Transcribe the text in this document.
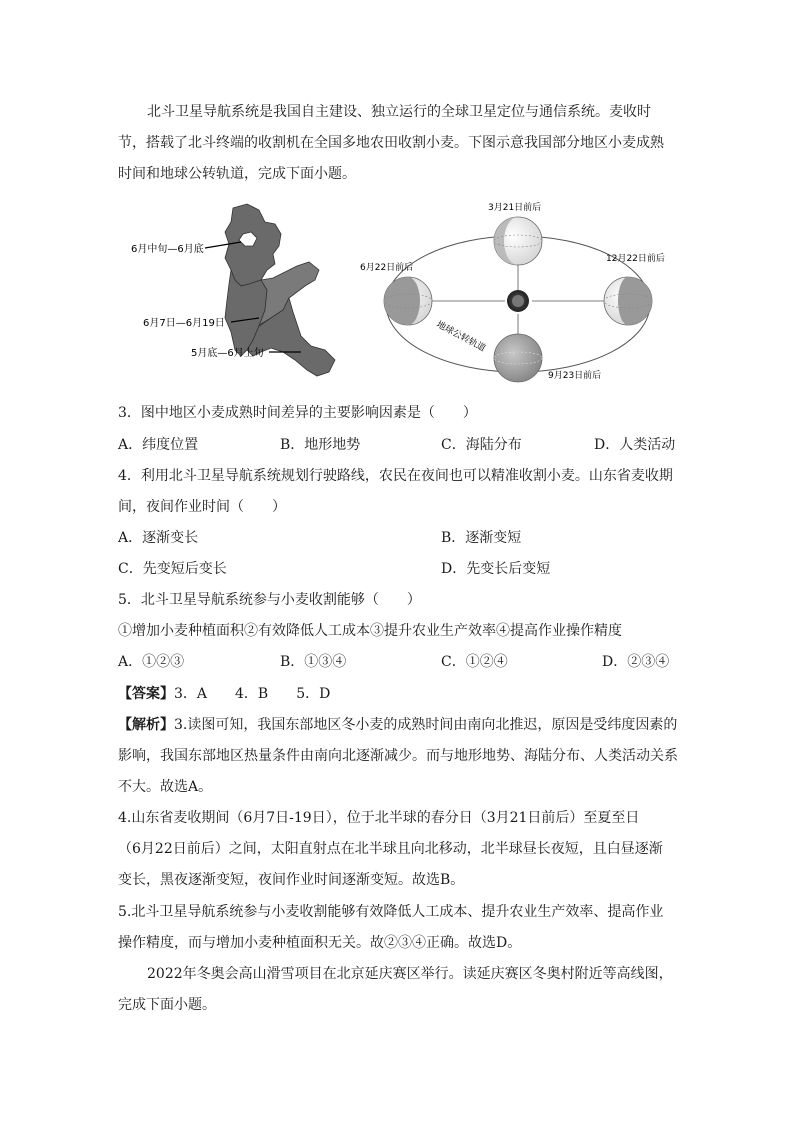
北斗卫星导航系统是我国自主建设、独立运行的全球卫星定位与通信系统。麦收时
节，搭载了北斗终端的收割机在全国多地农田收割小麦。下图示意我国部分地区小麦成熟
时间和地球公转轨道，完成下面小题。
6月中旬—6月底
6月7日—6月19日
5月底—6月上旬
3月21日前后
6月22日前后
12月22日前后
9月23日前后
地球公转轨道
3．图中地区小麦成熟时间差异的主要影响因素是（　　）
A．纬度位置	B．地形地势	C．海陆分布	D．人类活动
4．利用北斗卫星导航系统规划行驶路线，农民在夜间也可以精准收割小麦。山东省麦收期
间，夜间作业时间（　　）
A．逐渐变长	B．逐渐变短
C．先变短后变长	D．先变长后变短
5．北斗卫星导航系统参与小麦收割能够（　　）
①增加小麦种植面积②有效降低人工成本③提升农业生产效率④提高作业操作精度
A．①②③	B．①③④	C．①②④	D．②③④
【答案】3．A　　4．B　　5．D
【解析】3.读图可知，我国东部地区冬小麦的成熟时间由南向北推迟，原因是受纬度因素的
影响，我国东部地区热量条件由南向北逐渐减少。而与地形地势、海陆分布、人类活动关系
不大。故选A。
4.山东省麦收期间（6月7日-19日），位于北半球的春分日（3月21日前后）至夏至日
（6月22日前后）之间，太阳直射点在北半球且向北移动，北半球昼长夜短，且白昼逐渐
变长，黑夜逐渐变短，夜间作业时间逐渐变短。故选B。
5.北斗卫星导航系统参与小麦收割能够有效降低人工成本、提升农业生产效率、提高作业
操作精度，而与增加小麦种植面积无关。故②③④正确。故选D。
2022年冬奥会高山滑雪项目在北京延庆赛区举行。读延庆赛区冬奥村附近等高线图，
完成下面小题。
